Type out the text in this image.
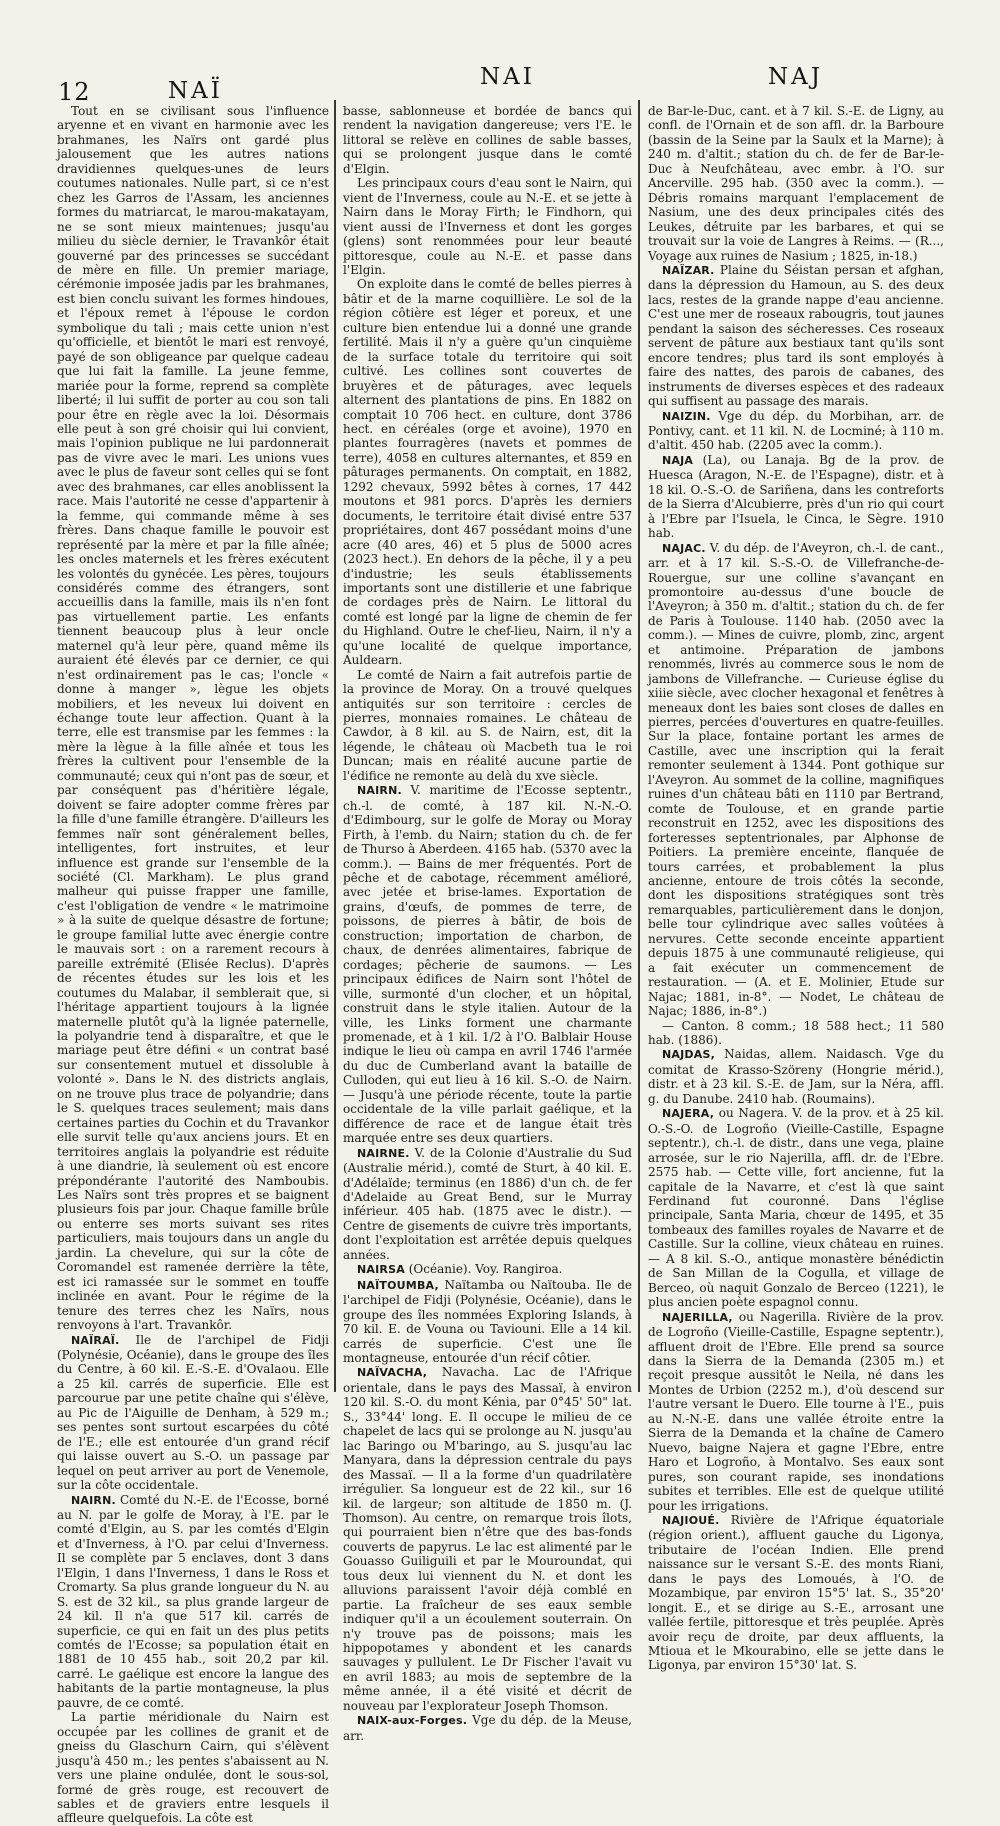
12	NAÏ
NAI	NAJ

Tout en se civilisant sous l'influence aryenne et en vivant en harmonie avec les brahmanes, les Naïrs ont gardé plus jalousement que les autres nations dravidiennes quelques-unes de leurs coutumes nationales. Nulle part, si ce n'est chez les Garros de l'Assam, les anciennes formes du matriarcat, le marou-makatayam, ne se sont mieux maintenues; jusqu'au milieu du siècle dernier, le Travankôr était gouverné par des princesses se succédant de mère en fille. Un premier mariage, cérémonie imposée jadis par les brahmanes, est bien conclu suivant les formes hindoues, et l'époux remet à l'épouse le cordon symbolique du tali ; mais cette union n'est qu'officielle, et bientôt le mari est renvoyé, payé de son obligeance par quelque cadeau que lui fait la famille. La jeune femme, mariée pour la forme, reprend sa complète liberté; il lui suffit de porter au cou son tali pour être en règle avec la loi. Désormais elle peut à son gré choisir qui lui convient, mais l'opinion publique ne lui pardonnerait pas de vivre avec le mari. Les unions vues avec le plus de faveur sont celles qui se font avec des brahmanes, car elles anoblissent la race. Mais l'autorité ne cesse d'appartenir à la femme, qui commande même à ses frères. Dans chaque famille le pouvoir est représenté par la mère et par la fille aînée; les oncles maternels et les frères exécutent les volontés du gynécée. Les pères, toujours considérés comme des étrangers, sont accueillis dans la famille, mais ils n'en font pas virtuellement partie. Les enfants tiennent beaucoup plus à leur oncle maternel qu'à leur père, quand même ils auraient été élevés par ce dernier, ce qui n'est ordinairement pas le cas; l'oncle « donne à manger », lègue les objets mobiliers, et les neveux lui doivent en échange toute leur affection. Quant à la terre, elle est transmise par les femmes : la mère la lègue à la fille aînée et tous les frères la cultivent pour l'ensemble de la communauté; ceux qui n'ont pas de sœur, et par conséquent pas d'héritière légale, doivent se faire adopter comme frères par la fille d'une famille étrangère. D'ailleurs les femmes naïr sont généralement belles, intelligentes, fort instruites, et leur influence est grande sur l'ensemble de la société (Cl. Markham). Le plus grand malheur qui puisse frapper une famille, c'est l'obligation de vendre « le matrimoine » à la suite de quelque désastre de fortune; le groupe familial lutte avec énergie contre le mauvais sort : on a rarement recours à pareille extrémité (Elisée Reclus). D'après de récentes études sur les lois et les coutumes du Malabar, il semblerait que, si l'héritage appartient toujours à la lignée maternelle plutôt qu'à la lignée paternelle, la polyandrie tend à disparaître, et que le mariage peut être défini « un contrat basé sur consentement mutuel et dissoluble à volonté ». Dans le N. des districts anglais, on ne trouve plus trace de polyandrie; dans le S. quelques traces seulement; mais dans certaines parties du Cochin et du Travankor elle survit telle qu'aux anciens jours. Et en territoires anglais la polyandrie est réduite à une diandrie, là seulement où est encore prépondérante l'autorité des Namboubis. Les Naïrs sont très propres et se baignent plusieurs fois par jour. Chaque famille brûle ou enterre ses morts suivant ses rites particuliers, mais toujours dans un angle du jardin. La chevelure, qui sur la côte de Coromandel est ramenée derrière la tête, est ici ramassée sur le sommet en touffe inclinée en avant. Pour le régime de la tenure des terres chez les Naïrs, nous renvoyons à l'art. Travankôr.

NAÏRAÏ. Ile de l'archipel de Fidji (Polynésie, Océanie), dans le groupe des îles du Centre, à 60 kil. E.-S.-E. d'Ovalaou. Elle a 25 kil. carrés de superficie. Elle est parcourue par une petite chaîne qui s'élève, au Pic de l'Aiguille de Denham, à 529 m.; ses pentes sont surtout escarpées du côté de l'E.; elle est entourée d'un grand récif qui laisse ouvert au S.-O. un passage par lequel on peut arriver au port de Venemole, sur la côte occidentale.

NAIRN. Comté du N.-E. de l'Ecosse, borné au N. par le golfe de Moray, à l'E. par le comté d'Elgin, au S. par les comtés d'Elgin et d'Inverness, à l'O. par celui d'Inverness. Il se complète par 5 enclaves, dont 3 dans l'Elgin, 1 dans l'Inverness, 1 dans le Ross et Cromarty. Sa plus grande longueur du N. au S. est de 32 kil., sa plus grande largeur de 24 kil. Il n'a que 517 kil. carrés de superficie, ce qui en fait un des plus petits comtés de l'Ecosse; sa population était en 1881 de 10 455 hab., soit 20,2 par kil. carré. Le gaélique est encore la langue des habitants de la partie montagneuse, la plus pauvre, de ce comté.

La partie méridionale du Nairn est occupée par les collines de granit et de gneiss du Glaschurn Cairn, qui s'élèvent jusqu'à 450 m.; les pentes s'abaissent au N. vers une plaine ondulée, dont le sous-sol, formé de grès rouge, est recouvert de sables et de graviers entre lesquels il affleure quelquefois. La côte est

basse, sablonneuse et bordée de bancs qui rendent la navigation dangereuse; vers l'E. le littoral se relève en collines de sable basses, qui se prolongent jusque dans le comté d'Elgin.

Les principaux cours d'eau sont le Nairn, qui vient de l'Inverness, coule au N.-E. et se jette à Nairn dans le Moray Firth; le Findhorn, qui vient aussi de l'Inverness et dont les gorges (glens) sont renommées pour leur beauté pittoresque, coule au N.-E. et passe dans l'Elgin.

On exploite dans le comté de belles pierres à bâtir et de la marne coquillière. Le sol de la région côtière est léger et poreux, et une culture bien entendue lui a donné une grande fertilité. Mais il n'y a guère qu'un cinquième de la surface totale du territoire qui soit cultivé. Les collines sont couvertes de bruyères et de pâturages, avec lequels alternent des plantations de pins. En 1882 on comptait 10 706 hect. en culture, dont 3786 hect. en céréales (orge et avoine), 1970 en plantes fourragères (navets et pommes de terre), 4058 en cultures alternantes, et 859 en pâturages permanents. On comptait, en 1882, 1292 chevaux, 5992 bêtes à cornes, 17 442 moutons et 981 porcs. D'après les derniers documents, le territoire était divisé entre 537 propriétaires, dont 467 possédant moins d'une acre (40 ares, 46) et 5 plus de 5000 acres (2023 hect.). En dehors de la pêche, il y a peu d'industrie; les seuls établissements importants sont une distillerie et une fabrique de cordages près de Nairn. Le littoral du comté est longé par la ligne de chemin de fer du Highland. Outre le chef-lieu, Nairn, il n'y a qu'une localité de quelque importance, Auldearn.

Le comté de Nairn a fait autrefois partie de la province de Moray. On a trouvé quelques antiquités sur son territoire : cercles de pierres, monnaies romaines. Le château de Cawdor, à 8 kil. au S. de Nairn, est, dit la légende, le château où Macbeth tua le roi Duncan; mais en réalité aucune partie de l'édifice ne remonte au delà du xve siècle.

NAIRN. V. maritime de l'Ecosse septentr., ch.-l. de comté, à 187 kil. N.-N.-O. d'Edimbourg, sur le golfe de Moray ou Moray Firth, à l'emb. du Nairn; station du ch. de fer de Thurso à Aberdeen. 4165 hab. (5370 avec la comm.). — Bains de mer fréquentés. Port de pêche et de cabotage, récemment amélioré, avec jetée et brise-lames. Exportation de grains, d'œufs, de pommes de terre, de poissons, de pierres à bâtir, de bois de construction; importation de charbon, de chaux, de denrées alimentaires, fabrique de cordages; pêcherie de saumons. — Les principaux édifices de Nairn sont l'hôtel de ville, surmonté d'un clocher, et un hôpital, construit dans le style italien. Autour de la ville, les Links forment une charmante promenade, et à 1 kil. 1/2 à l'O. Balblair House indique le lieu où campa en avril 1746 l'armée du duc de Cumberland avant la bataille de Culloden, qui eut lieu à 16 kil. S.-O. de Nairn. — Jusqu'à une période récente, toute la partie occidentale de la ville parlait gaélique, et la différence de race et de langue était très marquée entre ses deux quartiers.

NAIRNE. V. de la Colonie d'Australie du Sud (Australie mérid.), comté de Sturt, à 40 kil. E. d'Adélaïde; terminus (en 1886) d'un ch. de fer d'Adelaide au Great Bend, sur le Murray inférieur. 405 hab. (1875 avec le distr.). — Centre de gisements de cuivre très importants, dont l'exploitation est arrêtée depuis quelques années.

NAIRSA (Océanie). Voy. Rangiroa.

NAÏTOUMBA, Naïtamba ou Naïtouba. Ile de l'archipel de Fidji (Polynésie, Océanie), dans le groupe des îles nommées Exploring Islands, à 70 kil. E. de Vouna ou Taviouni. Elle a 14 kil. carrés de superficie. C'est une île montagneuse, entourée d'un récif côtier.

NAÏVACHA, Navacha. Lac de l'Afrique orientale, dans le pays des Massaï, à environ 120 kil. S.-O. du mont Kénia, par 0°45' 50" lat. S., 33°44' long. E. Il occupe le milieu de ce chapelet de lacs qui se prolonge au N. jusqu'au lac Baringo ou M'baringo, au S. jusqu'au lac Manyara, dans la dépression centrale du pays des Massaï. — Il a la forme d'un quadrilatère irrégulier. Sa longueur est de 22 kil., sur 16 kil. de largeur; son altitude de 1850 m. (J. Thomson). Au centre, on remarque trois îlots, qui pourraient bien n'être que des bas-fonds couverts de papyrus. Le lac est alimenté par le Gouasso Guiliguili et par le Mouroundat, qui tous deux lui viennent du N. et dont les alluvions paraissent l'avoir déjà comblé en partie. La fraîcheur de ses eaux semble indiquer qu'il a un écoulement souterrain. On n'y trouve pas de poissons; mais les hippopotames y abondent et les canards sauvages y pullulent. Le Dr Fischer l'avait vu en avril 1883; au mois de septembre de la même année, il a été visité et décrit de nouveau par l'explorateur Joseph Thomson.

NAIX-aux-Forges. Vge du dép. de la Meuse, arr.

de Bar-le-Duc, cant. et à 7 kil. S.-E. de Ligny, au confl. de l'Ornain et de son affl. dr. la Barboure (bassin de la Seine par la Saulx et la Marne); à 240 m. d'altit.; station du ch. de fer de Bar-le-Duc à Neufchâteau, avec embr. à l'O. sur Ancerville. 295 hab. (350 avec la comm.). — Débris romains marquant l'emplacement de Nasium, une des deux principales cités des Leukes, détruite par les barbares, et qui se trouvait sur la voie de Langres à Reims. — (R..., Voyage aux ruines de Nasium ; 1825, in-18.)

NAÏZAR. Plaine du Séistan persan et afghan, dans la dépression du Hamoun, au S. des deux lacs, restes de la grande nappe d'eau ancienne. C'est une mer de roseaux rabougris, tout jaunes pendant la saison des sécheresses. Ces roseaux servent de pâture aux bestiaux tant qu'ils sont encore tendres; plus tard ils sont employés à faire des nattes, des parois de cabanes, des instruments de diverses espèces et des radeaux qui suffisent au passage des marais.

NAIZIN. Vge du dép. du Morbihan, arr. de Pontivy, cant. et 11 kil. N. de Locminé; à 110 m. d'altit. 450 hab. (2205 avec la comm.).

NAJA (La), ou Lanaja. Bg de la prov. de Huesca (Aragon, N.-E. de l'Espagne), distr. et à 18 kil. O.-S.-O. de Sariñena, dans les contreforts de la Sierra d'Alcubierre, près d'un rio qui court à l'Ebre par l'Isuela, le Cinca, le Sègre. 1910 hab.

NAJAC. V. du dép. de l'Aveyron, ch.-l. de cant., arr. et à 17 kil. S.-S.-O. de Villefranche-de-Rouergue, sur une colline s'avançant en promontoire au-dessus d'une boucle de l'Aveyron; à 350 m. d'altit.; station du ch. de fer de Paris à Toulouse. 1140 hab. (2050 avec la comm.). — Mines de cuivre, plomb, zinc, argent et antimoine. Préparation de jambons renommés, livrés au commerce sous le nom de jambons de Villefranche. — Curieuse église du xiiie siècle, avec clocher hexagonal et fenêtres à meneaux dont les baies sont closes de dalles en pierres, percées d'ouvertures en quatre-feuilles. Sur la place, fontaine portant les armes de Castille, avec une inscription qui la ferait remonter seulement à 1344. Pont gothique sur l'Aveyron. Au sommet de la colline, magnifiques ruines d'un château bâti en 1110 par Bertrand, comte de Toulouse, et en grande partie reconstruit en 1252, avec les dispositions des forteresses septentrionales, par Alphonse de Poitiers. La première enceinte, flanquée de tours carrées, et probablement la plus ancienne, entoure de trois côtés la seconde, dont les dispositions stratégiques sont très remarquables, particulièrement dans le donjon, belle tour cylindrique avec salles voûtées à nervures. Cette seconde enceinte appartient depuis 1875 à une communauté religieuse, qui a fait exécuter un commencement de restauration. — (A. et E. Molinier, Etude sur Najac; 1881, in-8°. — Nodet, Le château de Najac; 1886, in-8°.)

— Canton. 8 comm.; 18 588 hect.; 11 580 hab. (1886).

NAJDAS, Naidas, allem. Naidasch. Vge du comitat de Krasso-Szöreny (Hongrie mérid.), distr. et à 23 kil. S.-E. de Jam, sur la Néra, affl. g. du Danube. 2410 hab. (Roumains).

NAJERA, ou Nagera. V. de la prov. et à 25 kil. O.-S.-O. de Logroño (Vieille-Castille, Espagne septentr.), ch.-l. de distr., dans une vega, plaine arrosée, sur le rio Najerilla, affl. dr. de l'Ebre. 2575 hab. — Cette ville, fort ancienne, fut la capitale de la Navarre, et c'est là que saint Ferdinand fut couronné. Dans l'église principale, Santa Maria, chœur de 1495, et 35 tombeaux des familles royales de Navarre et de Castille. Sur la colline, vieux château en ruines. — A 8 kil. S.-O., antique monastère bénédictin de San Millan de la Cogulla, et village de Berceo, où naquit Gonzalo de Berceo (1221), le plus ancien poète espagnol connu.

NAJERILLA, ou Nagerilla. Rivière de la prov. de Logroño (Vieille-Castille, Espagne septentr.), affluent droit de l'Ebre. Elle prend sa source dans la Sierra de la Demanda (2305 m.) et reçoit presque aussitôt le Neila, né dans les Montes de Urbion (2252 m.), d'où descend sur l'autre versant le Duero. Elle tourne à l'E., puis au N.-N.-E. dans une vallée étroite entre la Sierra de la Demanda et la chaîne de Camero Nuevo, baigne Najera et gagne l'Ebre, entre Haro et Logroño, à Montalvo. Ses eaux sont pures, son courant rapide, ses inondations subites et terribles. Elle est de quelque utilité pour les irrigations.

NAJIOUÉ. Rivière de l'Afrique équatoriale (région orient.), affluent gauche du Ligonya, tributaire de l'océan Indien. Elle prend naissance sur le versant S.-E. des monts Riani, dans le pays des Lomoués, à l'O. de Mozambique, par environ 15°5' lat. S., 35°20' longit. E., et se dirige au S.-E., arrosant une vallée fertile, pittoresque et très peuplée. Après avoir reçu de droite, par deux affluents, la Mtioua et le Mkourabino, elle se jette dans le Ligonya, par environ 15°30' lat. S.
